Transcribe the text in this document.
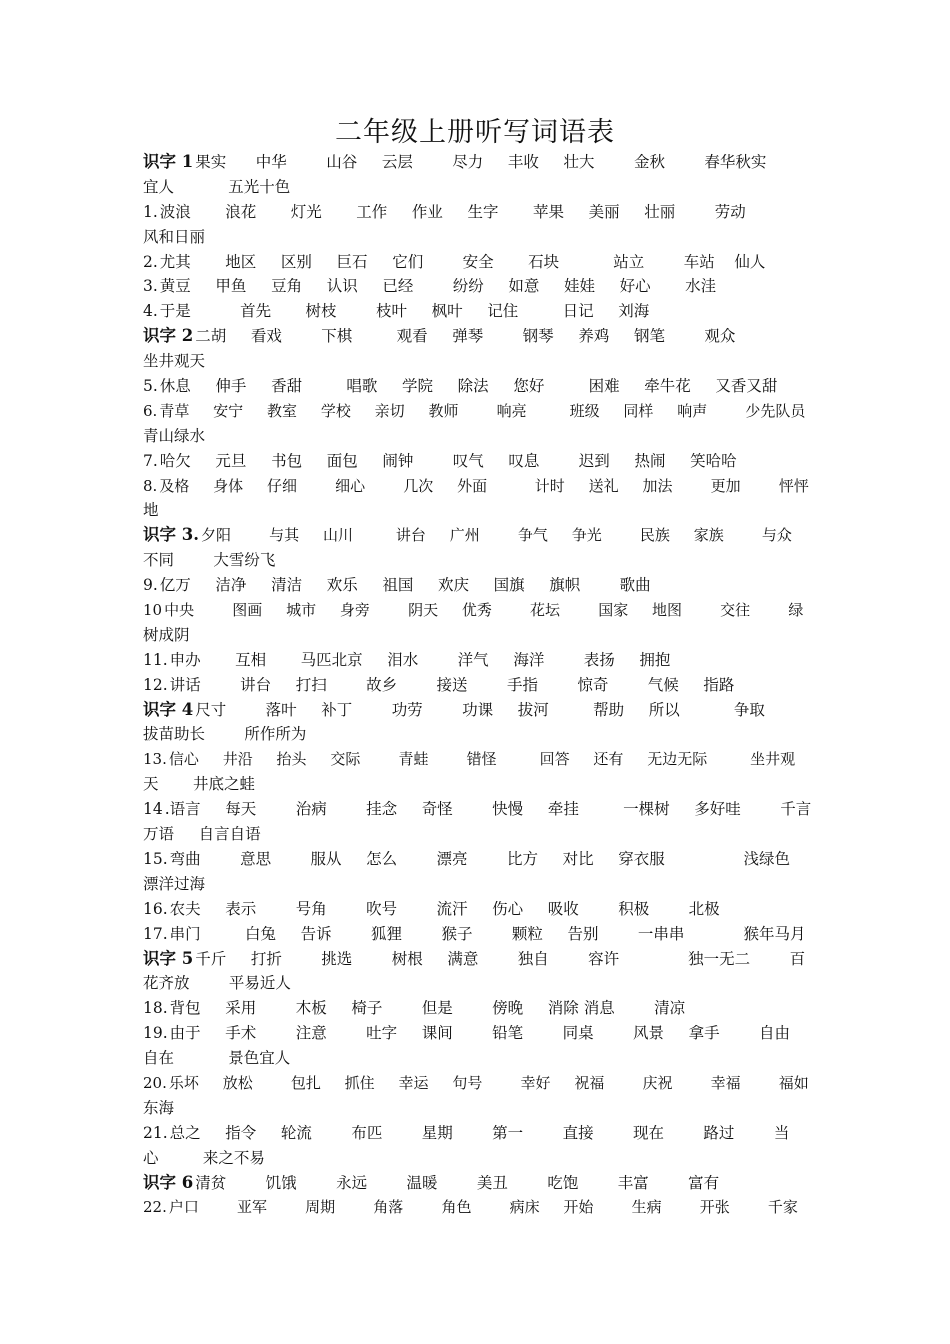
二年级上册听写词语表
识字 1 果实      中华        山谷     云层        尽力     丰收     壮大        金秋        春华秋实
宜人           五光十色
1. 波浪       浪花       灯光       工作     作业     生字       苹果     美丽     壮丽        劳动
风和日丽
2. 尤其       地区     区别     巨石     它们        安全       石块           站立        车站    仙人
3. 黄豆     甲鱼     豆角     认识     已经        纷纷     如意     娃娃     好心       水洼
4. 于是          首先       树枝        枝叶     枫叶     记住         日记     刘海
识字 2 二胡     看戏        下棋         观看     弹琴        钢琴     养鸡     钢笔        观众
坐井观天
5. 休息     伸手     香甜         唱歌     学院     除法     您好         困难     牵牛花     又香又甜
6. 青草     安宁     教室     学校     亲切     教师        响亮         班级     同样     响声        少先队员
青山绿水
7. 哈欠     元旦     书包     面包     闹钟        叹气     叹息        迟到     热闹     笑哈哈
8. 及格     身体     仔细        细心        几次     外面          计时     送礼     加法        更加        怦怦
地
识字 3. 夕阳        与其     山川         讲台     广州        争气     争光        民族     家族        与众
不同        大雪纷飞
9. 亿万     洁净     清洁     欢乐     祖国     欢庆     国旗     旗帜        歌曲
10 中央        图画     城市     身旁        阴天     优秀        花坛        国家     地图        交往        绿
树成阴
11. 申办       互相       马匹北京     泪水        洋气     海洋        表扬     拥抱
12. 讲话        讲台     打扫        故乡        接送        手指        惊奇        气候     指路
识字 4 尺寸        落叶     补丁        功劳        功课     拔河         帮助     所以           争取
拔苗助长        所作所为
13. 信心     井沿     抬头     交际        青蛙        错怪         回答     还有     无边无际         坐井观
天       井底之蛙
14 .语言     每天        治病        挂念     奇怪        快慢     牵挂         一棵树     多好哇        千言
万语     自言自语
15. 弯曲        意思        服从     怎么        漂亮        比方     对比     穿衣服                浅绿色
漂洋过海
16. 农夫     表示        号角        吹号        流汗     伤心     吸收        积极        北极
17. 串门         白兔     告诉        狐狸        猴子        颗粒     告别        一串串            猴年马月
识字 5 千斤     打折        挑选        树根     满意        独自        容许              独一无二        百
花齐放        平易近人
18. 背包     采用        木板     椅子        但是        傍晚     消除 消息        清凉
19. 由于     手术        注意        吐字     课间        铅笔        同桌        风景     拿手        自由
自在           景色宜人
20. 乐坏     放松        包扎     抓住     幸运     句号        幸好     祝福        庆祝        幸福        福如
东海
21. 总之     指令     轮流        布匹        星期        第一        直接        现在        路过        当
心         来之不易
识字 6 清贫        饥饿        永远        温暖        美丑        吃饱        丰富        富有
22. 户口        亚军        周期        角落        角色        病床     开始        生病        开张        千家
